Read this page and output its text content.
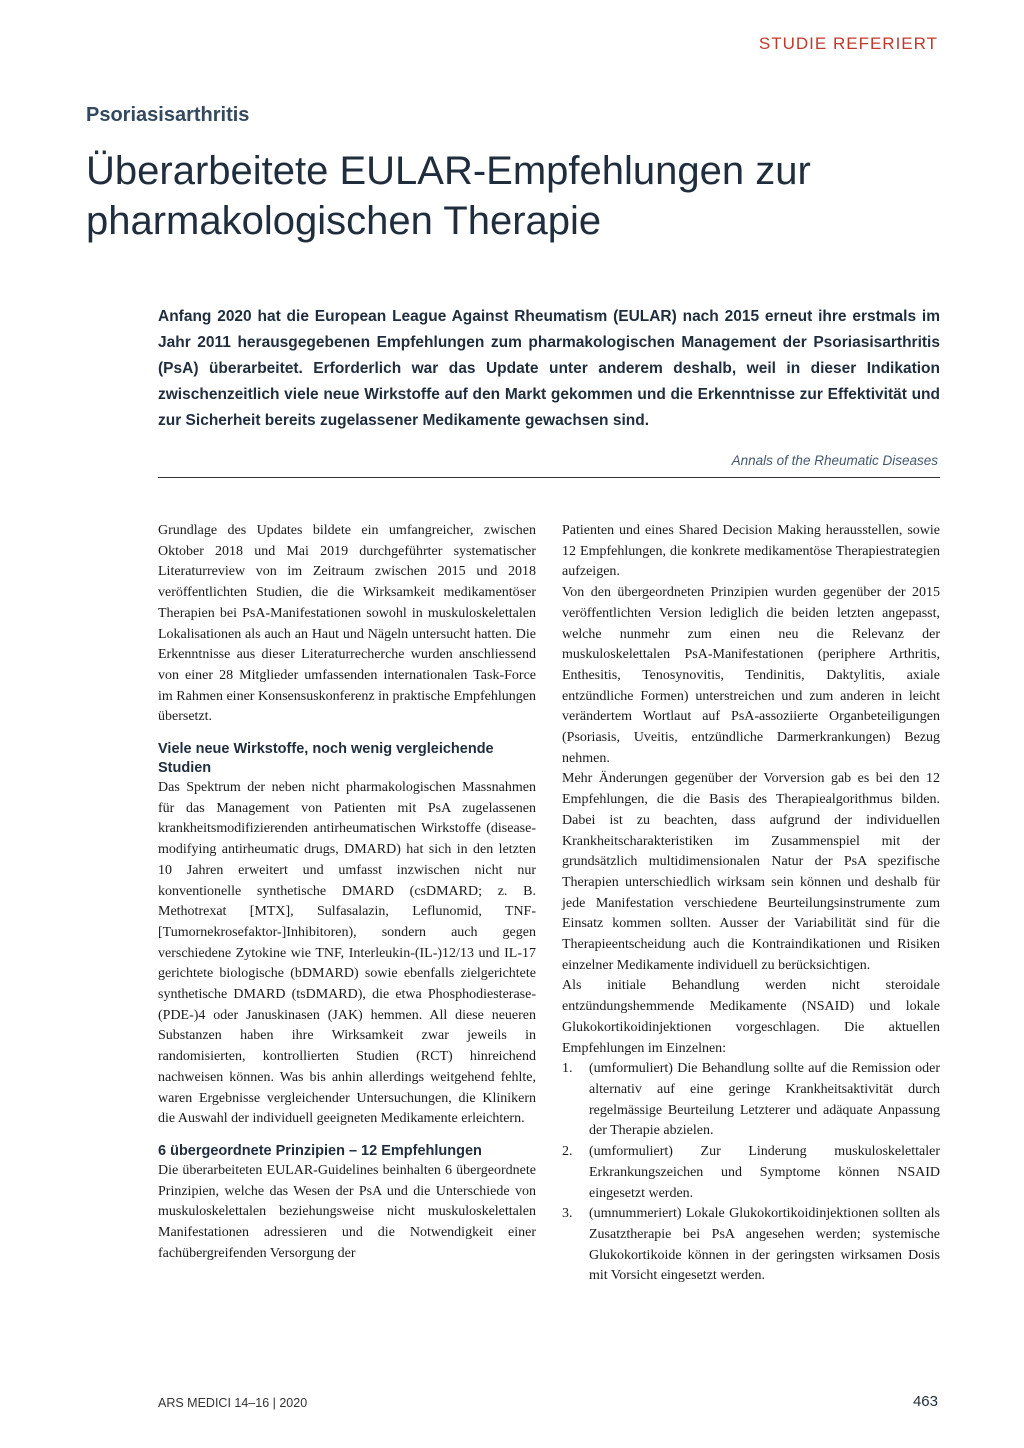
STUDIE REFERIERT
Psoriasisarthritis
Überarbeitete EULAR-Empfehlungen zur pharmakologischen Therapie

Anfang 2020 hat die European League Against Rheumatism (EULAR) nach 2015 erneut ihre erstmals im Jahr 2011 herausgegebenen Empfehlungen zum pharmakologischen Management der Psoriasisarthritis (PsA) überarbeitet. Erforderlich war das Update unter anderem deshalb, weil in dieser Indikation zwischenzeitlich viele neue Wirkstoffe auf den Markt gekommen und die Erkenntnisse zur Effektivität und zur Sicherheit bereits zugelassener Medikamente gewachsen sind.

Annals of the Rheumatic Diseases

Grundlage des Updates bildete ein umfangreicher, zwischen Oktober 2018 und Mai 2019 durchgeführter systematischer Literaturreview von im Zeitraum zwischen 2015 und 2018 veröffentlichten Studien, die die Wirksamkeit medikamentöser Therapien bei PsA-Manifestationen sowohl in muskuloskelettalen Lokalisationen als auch an Haut und Nägeln untersucht hatten. Die Erkenntnisse aus dieser Literaturrecherche wurden anschliessend von einer 28 Mitglieder umfassenden internationalen Task-Force im Rahmen einer Konsensuskonferenz in praktische Empfehlungen übersetzt.

Viele neue Wirkstoffe, noch wenig vergleichende Studien

Das Spektrum der neben nicht pharmakologischen Massnahmen für das Management von Patienten mit PsA zugelassenen krankheitsmodifizierenden antirheumatischen Wirkstoffe (disease-modifying antirheumatic drugs, DMARD) hat sich in den letzten 10 Jahren erweitert und umfasst inzwischen nicht nur konventionelle synthetische DMARD (csDMARD; z. B. Methotrexat [MTX], Sulfasalazin, Leflunomid, TNF-[Tumornekrosefaktor-]Inhibitoren), sondern auch gegen verschiedene Zytokine wie TNF, Interleukin-(IL-)12/13 und IL-17 gerichtete biologische (bDMARD) sowie ebenfalls zielgerichtete synthetische DMARD (tsDMARD), die etwa Phosphodiesterase-(PDE-)4 oder Januskinasen (JAK) hemmen. All diese neueren Substanzen haben ihre Wirksamkeit zwar jeweils in randomisierten, kontrollierten Studien (RCT) hinreichend nachweisen können. Was bis anhin allerdings weitgehend fehlte, waren Ergebnisse vergleichender Untersuchungen, die Klinikern die Auswahl der individuell geeigneten Medikamente erleichtern.

6 übergeordnete Prinzipien – 12 Empfehlungen

Die überarbeiteten EULAR-Guidelines beinhalten 6 übergeordnete Prinzipien, welche das Wesen der PsA und die Unterschiede von muskuloskelettalen beziehungsweise nicht muskuloskelettalen Manifestationen adressieren und die Notwendigkeit einer fachübergreifenden Versorgung der

Patienten und eines Shared Decision Making herausstellen, sowie 12 Empfehlungen, die konkrete medikamentöse Therapiestrategien aufzeigen.

Von den übergeordneten Prinzipien wurden gegenüber der 2015 veröffentlichten Version lediglich die beiden letzten angepasst, welche nunmehr zum einen neu die Relevanz der muskuloskelettalen PsA-Manifestationen (periphere Arthritis, Enthesitis, Tenosynovitis, Tendinitis, Daktylitis, axiale entzündliche Formen) unterstreichen und zum anderen in leicht verändertem Wortlaut auf PsA-assoziierte Organbeteiligungen (Psoriasis, Uveitis, entzündliche Darmerkrankungen) Bezug nehmen.

Mehr Änderungen gegenüber der Vorversion gab es bei den 12 Empfehlungen, die die Basis des Therapiealgorithmus bilden. Dabei ist zu beachten, dass aufgrund der individuellen Krankheitscharakteristiken im Zusammenspiel mit der grundsätzlich multidimensionalen Natur der PsA spezifische Therapien unterschiedlich wirksam sein können und deshalb für jede Manifestation verschiedene Beurteilungsinstrumente zum Einsatz kommen sollten. Ausser der Variabilität sind für die Therapieentscheidung auch die Kontraindikationen und Risiken einzelner Medikamente individuell zu berücksichtigen.

Als initiale Behandlung werden nicht steroidale entzündungshemmende Medikamente (NSAID) und lokale Glukokortikoidinjektionen vorgeschlagen. Die aktuellen Empfehlungen im Einzelnen:

1.	(umformuliert) Die Behandlung sollte auf die Remission oder alternativ auf eine geringe Krankheitsaktivität durch regelmässige Beurteilung Letzterer und adäquate Anpassung der Therapie abzielen.
2.	(umformuliert) Zur Linderung muskuloskelettaler Erkrankungszeichen und Symptome können NSAID eingesetzt werden.
3.	(umnummeriert) Lokale Glukokortikoidinjektionen sollten als Zusatztherapie bei PsA angesehen werden; systemische Glukokortikoide können in der geringsten wirksamen Dosis mit Vorsicht eingesetzt werden.
ARS MEDICI 14–16 | 2020	463
